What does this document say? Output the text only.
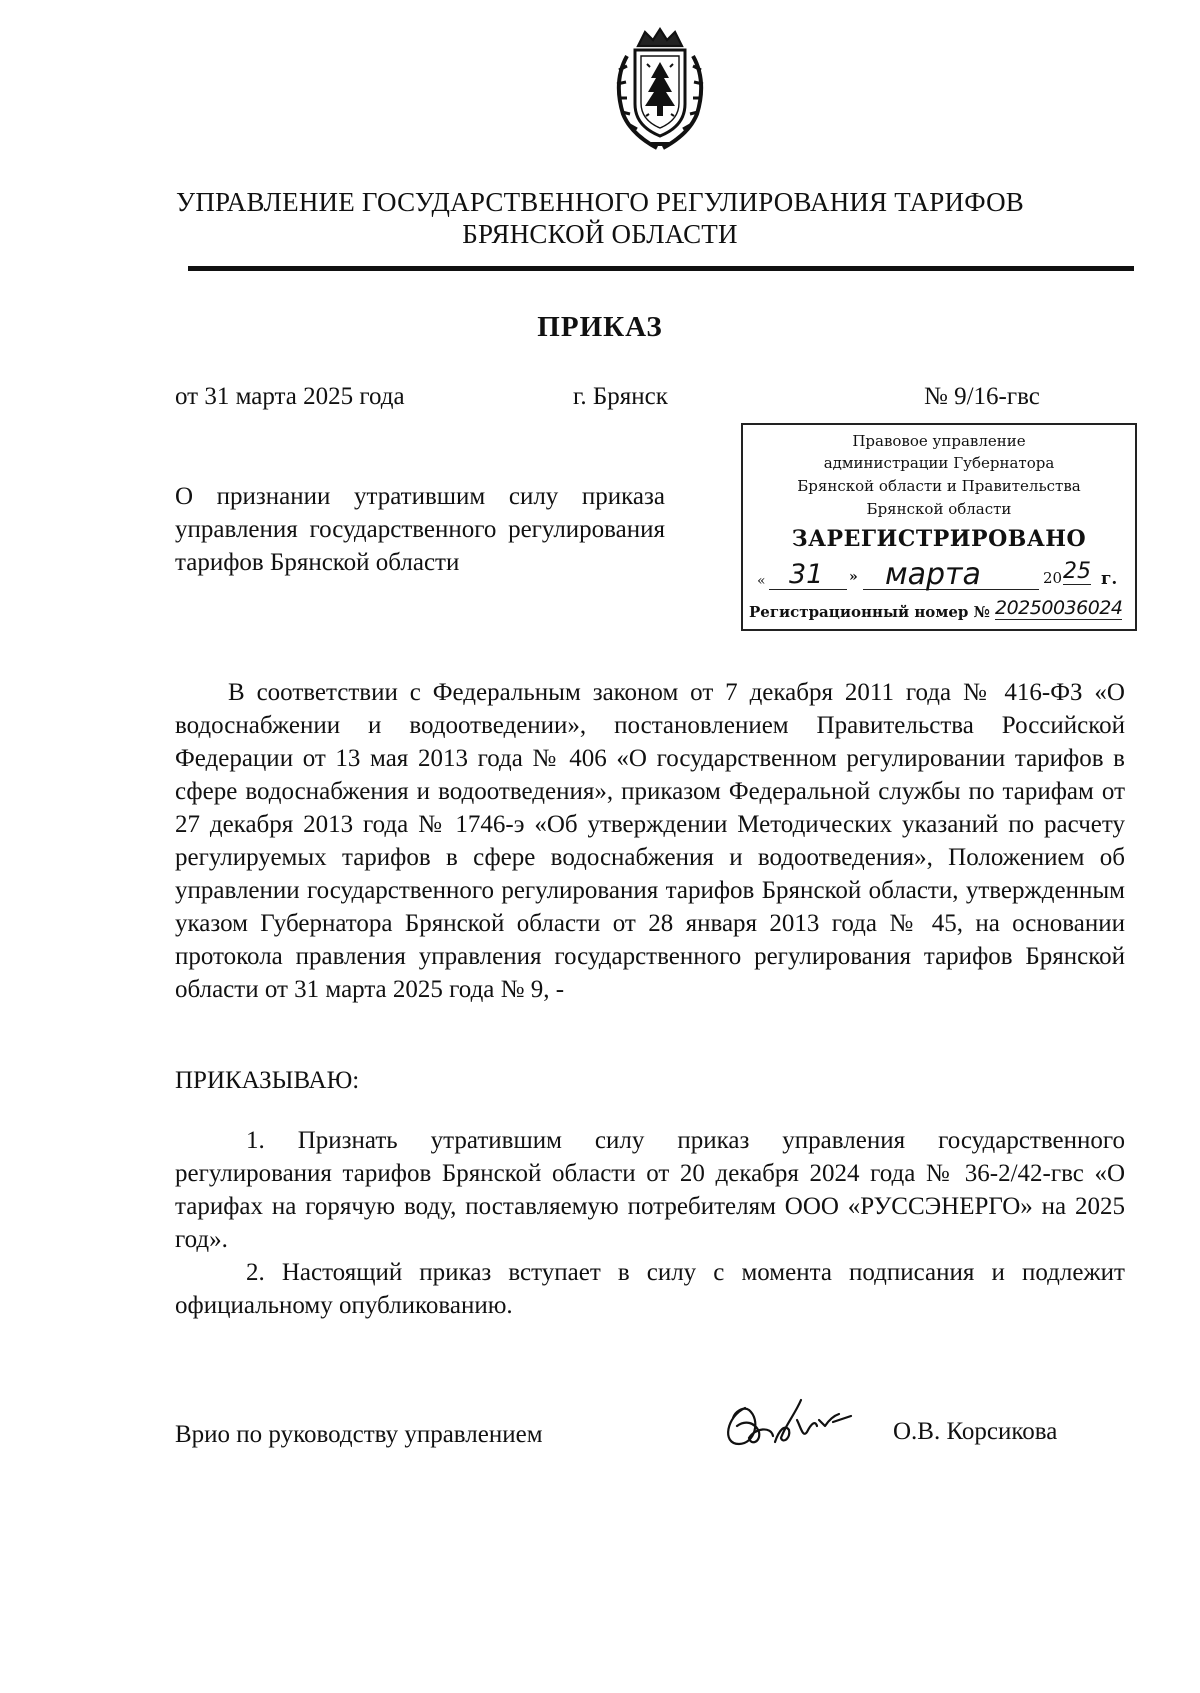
УПРАВЛЕНИЕ ГОСУДАРСТВЕННОГО РЕГУЛИРОВАНИЯ ТАРИФОВ
БРЯНСКОЙ ОБЛАСТИ
ПРИКАЗ
от 31 марта 2025 года	г. Брянск	№ 9/16-гвс
О признании утратившим силу приказа управления государственного регулирования тарифов Брянской области
Правовое управление
администрации Губернатора
Брянской области и Правительства
Брянской области
ЗАРЕГИСТРИРОВАНО
« 31 » марта	20 25 г.
Регистрационный номер № 20250036024

В соответствии с Федеральным законом от 7 декабря 2011 года № 416-ФЗ «О водоснабжении и водоотведении», постановлением Правительства Российской Федерации от 13 мая 2013 года № 406 «О государственном регулировании тарифов в сфере водоснабжения и водоотведения», приказом Федеральной службы по тарифам от 27 декабря 2013 года № 1746-э «Об утверждении Методических указаний по расчету регулируемых тарифов в сфере водоснабжения и водоотведения», Положением об управлении государственного регулирования тарифов Брянской области, утвержденным указом Губернатора Брянской области от 28 января 2013 года № 45, на основании протокола правления управления государственного регулирования тарифов Брянской области от 31 марта 2025 года № 9, -

ПРИКАЗЫВАЮ:

1. Признать утратившим силу приказ управления государственного регулирования тарифов Брянской области от 20 декабря 2024 года № 36-2/42-гвс «О тарифах на горячую воду, поставляемую потребителям ООО «РУССЭНЕРГО» на 2025 год».

2. Настоящий приказ вступает в силу с момента подписания и подлежит официальному опубликованию.

Врио по руководству управлением	О.В. Корсикова
